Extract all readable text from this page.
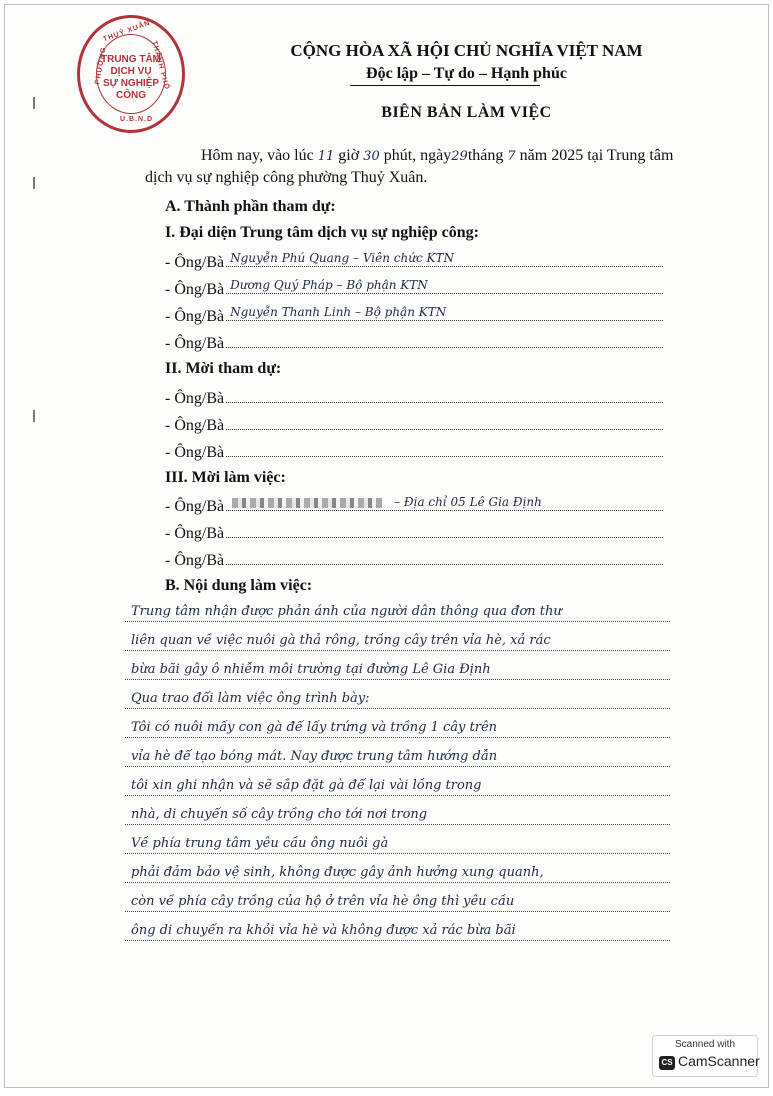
THUỶ XUÂN
PHƯỜNG	THÀNH PHỐ
U.B.N.D
TRUNG TÂM
DỊCH VỤ
SỰ NGHIỆP
CÔNG
CỘNG HÒA XÃ HỘI CHỦ NGHĨA VIỆT NAM
Độc lập – Tự do – Hạnh phúc
BIÊN BẢN LÀM VIỆC
Hôm nay, vào lúc 11 giờ 30 phút, ngày29tháng 7 năm 2025 tại Trung tâm
dịch vụ sự nghiệp công phường Thuỷ Xuân.
A. Thành phần tham dự:
I. Đại diện Trung tâm dịch vụ sự nghiệp công:
- Ông/Bà Nguyễn Phú Quang – Viên chức KTN
- Ông/Bà Dương Quý Pháp – Bộ phận KTN
- Ông/Bà Nguyễn Thanh Linh – Bộ phận KTN
- Ông/Bà
II. Mời tham dự:
- Ông/Bà
- Ông/Bà
- Ông/Bà
III. Mời làm việc:
- Ông/Bà	– Địa chỉ 05 Lê Gia Định
- Ông/Bà
- Ông/Bà
B. Nội dung làm việc:
Trung tâm nhận được phản ánh của người dân thông qua đơn thư
liên quan về việc nuôi gà thả rông, trồng cây trên vỉa hè, xả rác
bừa bãi gây ô nhiễm môi trường tại đường Lê Gia Định
Qua trao đổi làm việc ông trình bày:
Tôi có nuôi mấy con gà để lấy trứng và trồng 1 cây trên
vỉa hè để tạo bóng mát. Nay được trung tâm hướng dẫn
tôi xin ghi nhận và sẽ sắp đặt gà để lại vài lồng trong
nhà, di chuyển số cây trồng cho tới nơi trong
Về phía trung tâm yêu cầu ông nuôi gà
phải đảm bảo vệ sinh, không được gây ảnh hưởng xung quanh,
còn về phía cây trồng của hộ ở trên vỉa hè ông thì yêu cầu
ông di chuyển ra khỏi vỉa hè và không được xả rác bừa bãi
Scanned with
CS CamScanner
